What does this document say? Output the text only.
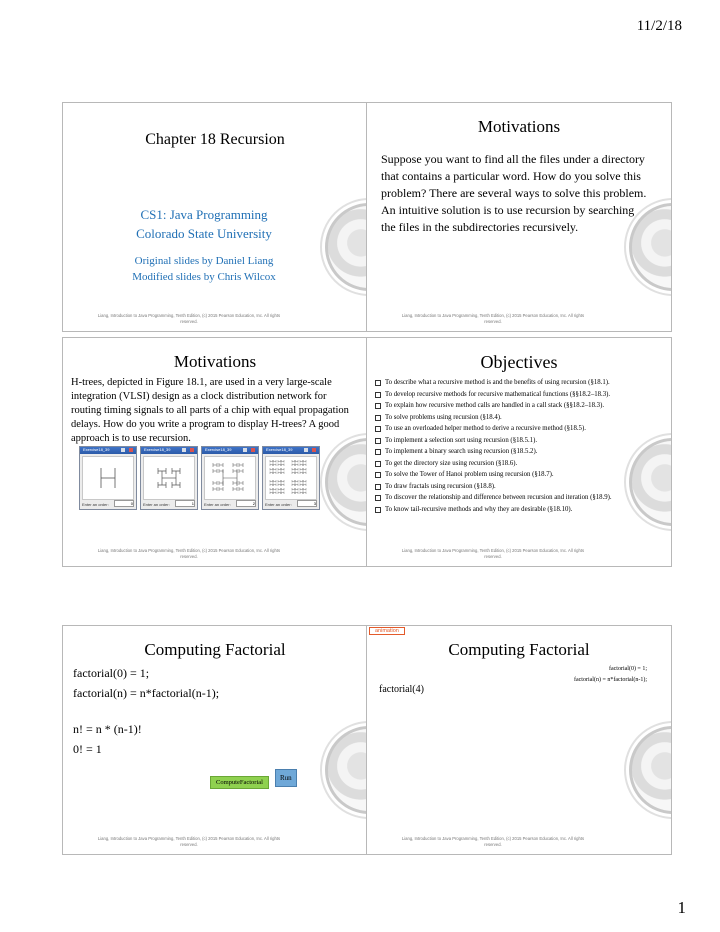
11/2/18
Chapter 18 Recursion
CS1: Java Programming
Colorado State University
Original slides by Daniel Liang
Modified slides by Chris Wilcox
Liang, Introduction to Java Programming, Tenth Edition, (c) 2015 Pearson Education, Inc. All rights reserved.
Motivations
Suppose you want to find all the files under a directory that contains a particular word. How do you solve this problem? There are several ways to solve this problem. An intuitive solution is to use recursion by searching the files in the subdirectories recursively.
Liang, Introduction to Java Programming, Tenth Edition, (c) 2015 Pearson Education, Inc. All rights reserved.
Motivations
H-trees, depicted in Figure 18.1, are used in a very large-scale integration (VLSI) design as a clock distribution network for routing timing signals to all parts of a chip with equal propagation delays. How do you write a program to display H-trees? A good approach is to use recursion.
Exercise18_39
Enter an order:	0
Exercise18_39
Enter an order:	1
Exercise18_39
Enter an order:	2
Exercise18_39
Enter an order:	3
Liang, Introduction to Java Programming, Tenth Edition, (c) 2015 Pearson Education, Inc. All rights reserved.
Objectives
To describe what a recursive method is and the benefits of using recursion (§18.1).
To develop recursive methods for recursive mathematical functions (§§18.2–18.3).
To explain how recursive method calls are handled in a call stack (§§18.2–18.3).
To solve problems using recursion (§18.4).
To use an overloaded helper method to derive a recursive method (§18.5).
To implement a selection sort using recursion (§18.5.1).
To implement a binary search using recursion (§18.5.2).
To get the directory size using recursion (§18.6).
To solve the Tower of Hanoi problem using recursion (§18.7).
To draw fractals using recursion (§18.8).
To discover the relationship and difference between recursion and iteration (§18.9).
To know tail-recursive methods and why they are desirable (§18.10).
Liang, Introduction to Java Programming, Tenth Edition, (c) 2015 Pearson Education, Inc. All rights reserved.
Computing Factorial
factorial(0) = 1;
factorial(n) = n*factorial(n-1);
n! = n * (n-1)!
0! = 1
ComputeFactorial
Run
Liang, Introduction to Java Programming, Tenth Edition, (c) 2015 Pearson Education, Inc. All rights reserved.
animation
Computing Factorial
factorial(0) = 1;
factorial(n) = n*factorial(n-1);
factorial(4)
Liang, Introduction to Java Programming, Tenth Edition, (c) 2015 Pearson Education, Inc. All rights reserved.
1
